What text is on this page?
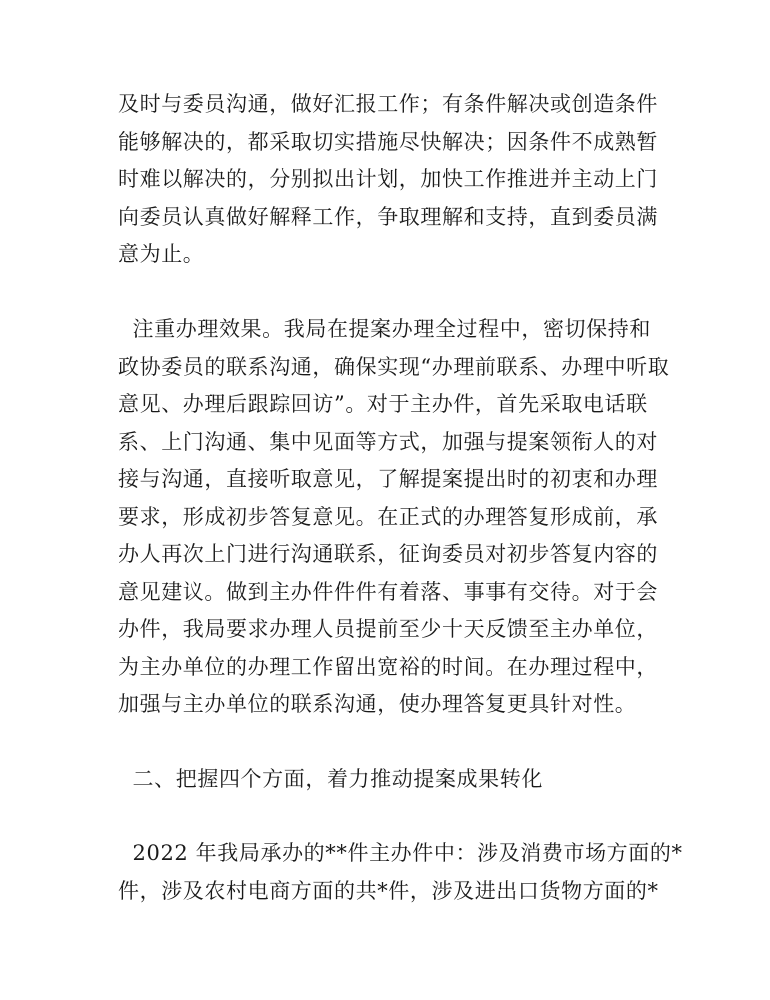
及时与委员沟通，做好汇报工作；有条件解决或创造条件
能够解决的，都采取切实措施尽快解决；因条件不成熟暂
时难以解决的，分别拟出计划，加快工作推进并主动上门
向委员认真做好解释工作，争取理解和支持，直到委员满
意为止。

注重办理效果。我局在提案办理全过程中，密切保持和
政协委员的联系沟通，确保实现“办理前联系、办理中听取
意见、办理后跟踪回访”。对于主办件，首先采取电话联
系、上门沟通、集中见面等方式，加强与提案领衔人的对
接与沟通，直接听取意见，了解提案提出时的初衷和办理
要求，形成初步答复意见。在正式的办理答复形成前，承
办人再次上门进行沟通联系，征询委员对初步答复内容的
意见建议。做到主办件件件有着落、事事有交待。对于会
办件，我局要求办理人员提前至少十天反馈至主办单位，
为主办单位的办理工作留出宽裕的时间。在办理过程中，
加强与主办单位的联系沟通，使办理答复更具针对性。

二、把握四个方面，着力推动提案成果转化

2022 年我局承办的**件主办件中：涉及消费市场方面的*
件，涉及农村电商方面的共*件，涉及进出口货物方面的*
